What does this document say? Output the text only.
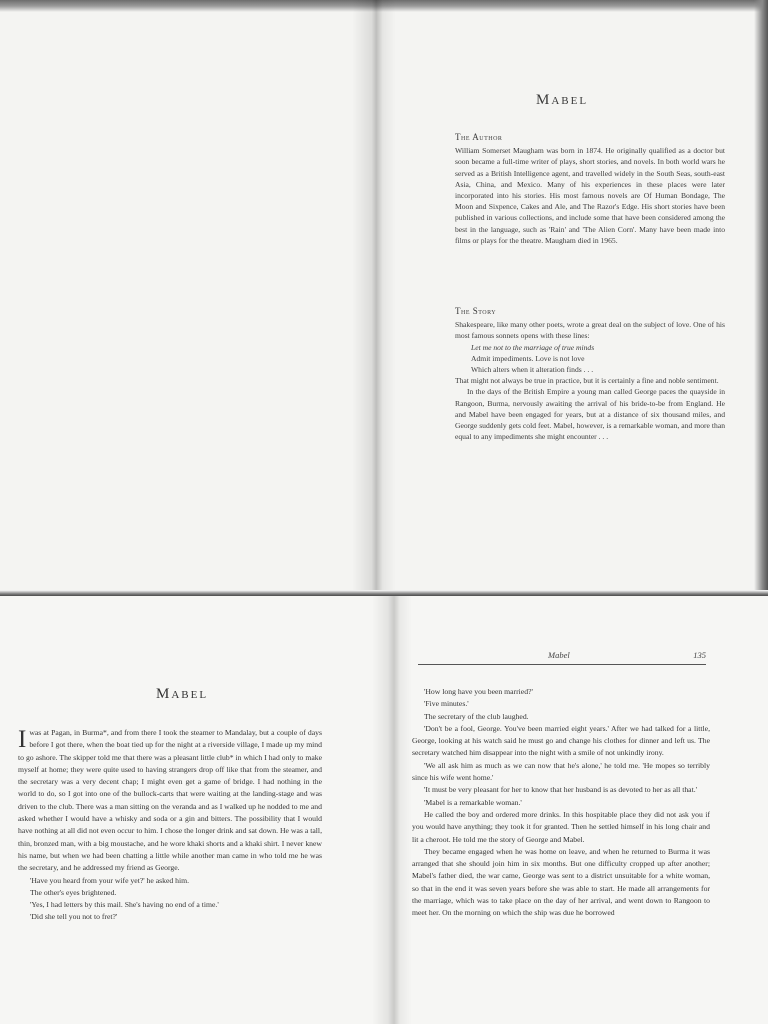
Mabel

The Author

William Somerset Maugham was born in 1874. He originally qualified as a doctor but soon became a full-time writer of plays, short stories, and novels. In both world wars he served as a British Intelligence agent, and travelled widely in the South Seas, south-east Asia, China, and Mexico. Many of his experiences in these places were later incorporated into his stories. His most famous novels are Of Human Bondage, The Moon and Sixpence, Cakes and Ale, and The Razor's Edge. His short stories have been published in various collections, and include some that have been considered among the best in the language, such as 'Rain' and 'The Alien Corn'. Many have been made into films or plays for the theatre. Maugham died in 1965.

The Story

Shakespeare, like many other poets, wrote a great deal on the subject of love. One of his most famous sonnets opens with these lines:

Let me not to the marriage of true minds

Admit impediments. Love is not love

Which alters when it alteration finds . . .

That might not always be true in practice, but it is certainly a fine and noble sentiment.

In the days of the British Empire a young man called George paces the quayside in Rangoon, Burma, nervously awaiting the arrival of his bride-to-be from England. He and Mabel have been engaged for years, but at a distance of six thousand miles, and George suddenly gets cold feet. Mabel, however, is a remarkable woman, and more than equal to any impediments she might encounter . . .

Mabel

Iwas at Pagan, in Burma*, and from there I took the steamer to Mandalay, but a couple of days before I got there, when the boat tied up for the night at a riverside village, I made up my mind to go ashore. The skipper told me that there was a pleasant little club* in which I had only to make myself at home; they were quite used to having strangers drop off like that from the steamer, and the secretary was a very decent chap; I might even get a game of bridge. I had nothing in the world to do, so I got into one of the bullock-carts that were waiting at the landing-stage and was driven to the club. There was a man sitting on the veranda and as I walked up he nodded to me and asked whether I would have a whisky and soda or a gin and bitters. The possibility that I would have nothing at all did not even occur to him. I chose the longer drink and sat down. He was a tall, thin, bronzed man, with a big moustache, and he wore khaki shorts and a khaki shirt. I never knew his name, but when we had been chatting a little while another man came in who told me he was the secretary, and he addressed my friend as George.

'Have you heard from your wife yet?' he asked him.

The other's eyes brightened.

'Yes, I had letters by this mail. She's having no end of a time.'

'Did she tell you not to fret?'

Mabel	135

'How long have you been married?'

'Five minutes.'

The secretary of the club laughed.

'Don't be a fool, George. You've been married eight years.' After we had talked for a little, George, looking at his watch said he must go and change his clothes for dinner and left us. The secretary watched him disappear into the night with a smile of not unkindly irony.

'We all ask him as much as we can now that he's alone,' he told me. 'He mopes so terribly since his wife went home.'

'It must be very pleasant for her to know that her husband is as devoted to her as all that.'

'Mabel is a remarkable woman.'

He called the boy and ordered more drinks. In this hospitable place they did not ask you if you would have anything; they took it for granted. Then he settled himself in his long chair and lit a cheroot. He told me the story of George and Mabel.

They became engaged when he was home on leave, and when he returned to Burma it was arranged that she should join him in six months. But one difficulty cropped up after another; Mabel's father died, the war came, George was sent to a district unsuitable for a white woman, so that in the end it was seven years before she was able to start. He made all arrangements for the marriage, which was to take place on the day of her arrival, and went down to Rangoon to meet her. On the morning on which the ship was due he borrowed
